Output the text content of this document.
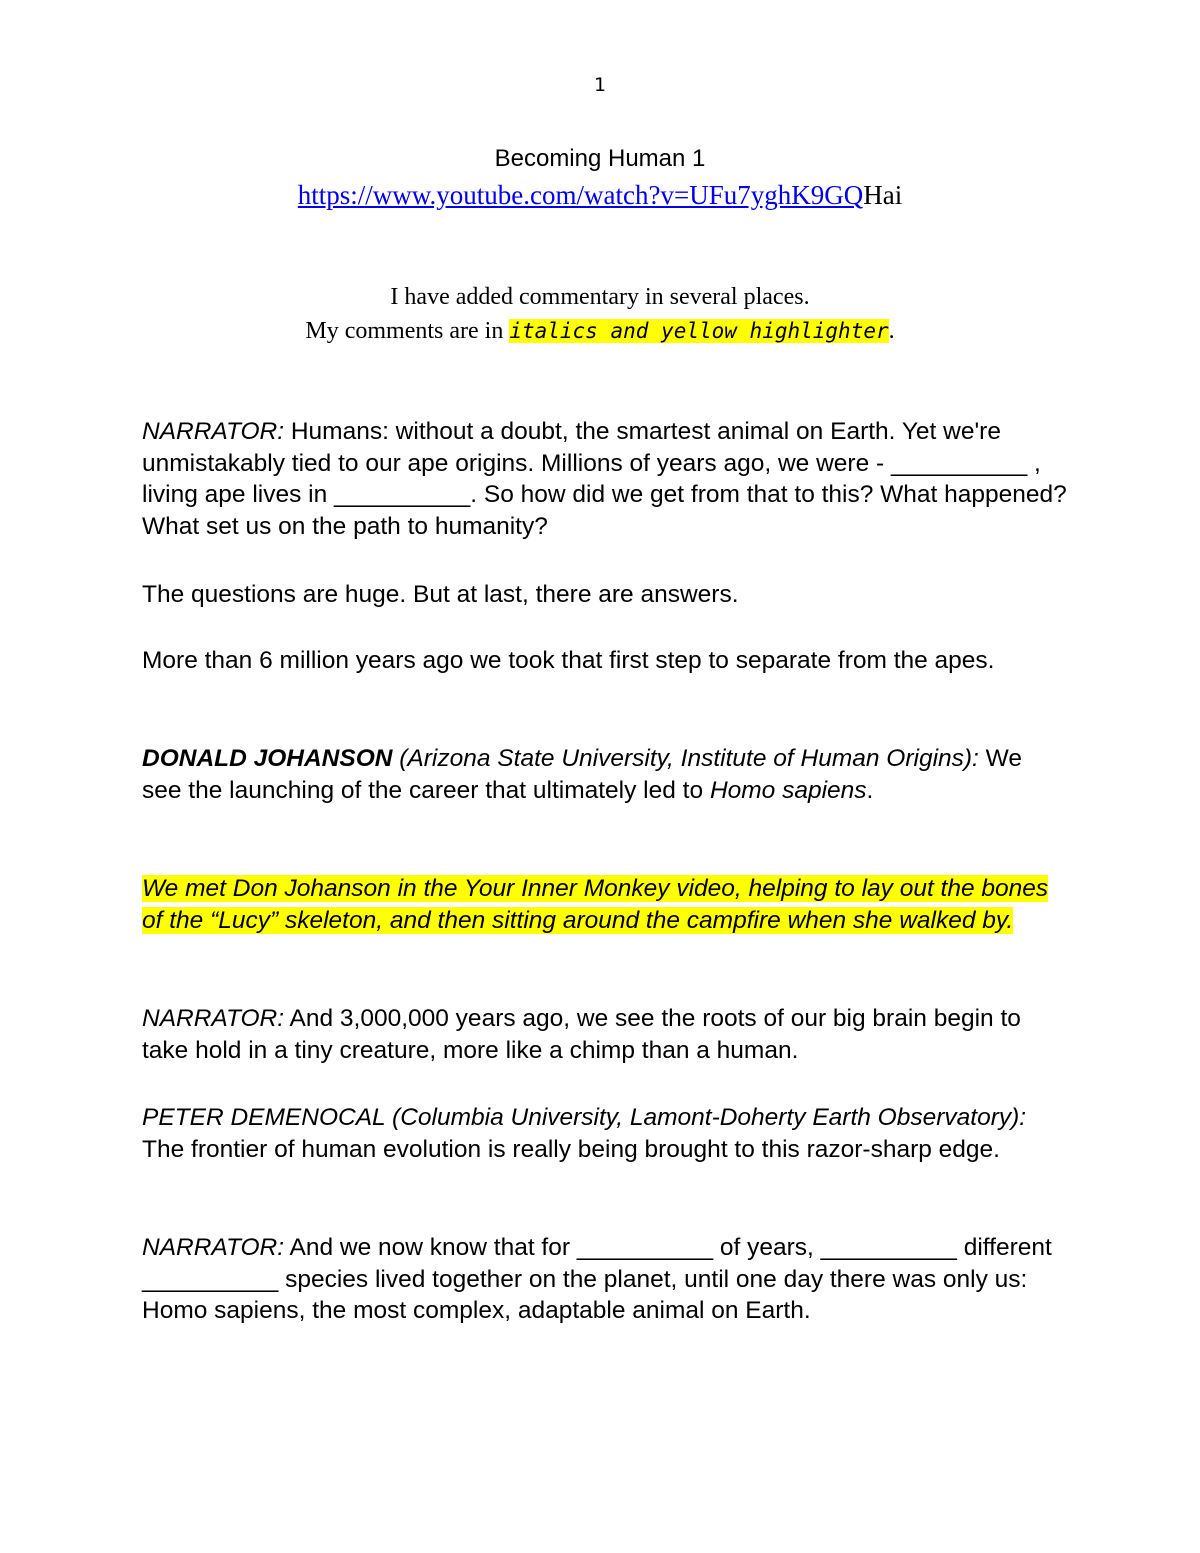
1
Becoming Human 1
https://www.youtube.com/watch?v=UFu7yghK9GQHai
I have added commentary in several places.
My comments are in italics and yellow highlighter.

NARRATOR: Humans: without a doubt, the smartest animal on Earth. Yet we're unmistakably tied to our ape origins. Millions of years ago, we were - __________ , living ape lives in __________. So how did we get from that to this? What happened? What set us on the path to humanity?

The questions are huge. But at last, there are answers.

More than 6 million years ago we took that first step to separate from the apes.

DONALD JOHANSON (Arizona State University, Institute of Human Origins): We see the launching of the career that ultimately led to Homo sapiens.

We met Don Johanson in the Your Inner Monkey video, helping to lay out the bones of the “Lucy” skeleton, and then sitting around the campfire when she walked by.

NARRATOR: And 3,000,000 years ago, we see the roots of our big brain begin to take hold in a tiny creature, more like a chimp than a human.

PETER DEMENOCAL (Columbia University, Lamont-Doherty Earth Observatory): The frontier of human evolution is really being brought to this razor-sharp edge.

NARRATOR: And we now know that for __________ of years, __________ different __________ species lived together on the planet, until one day there was only us: Homo sapiens, the most complex, adaptable animal on Earth.
